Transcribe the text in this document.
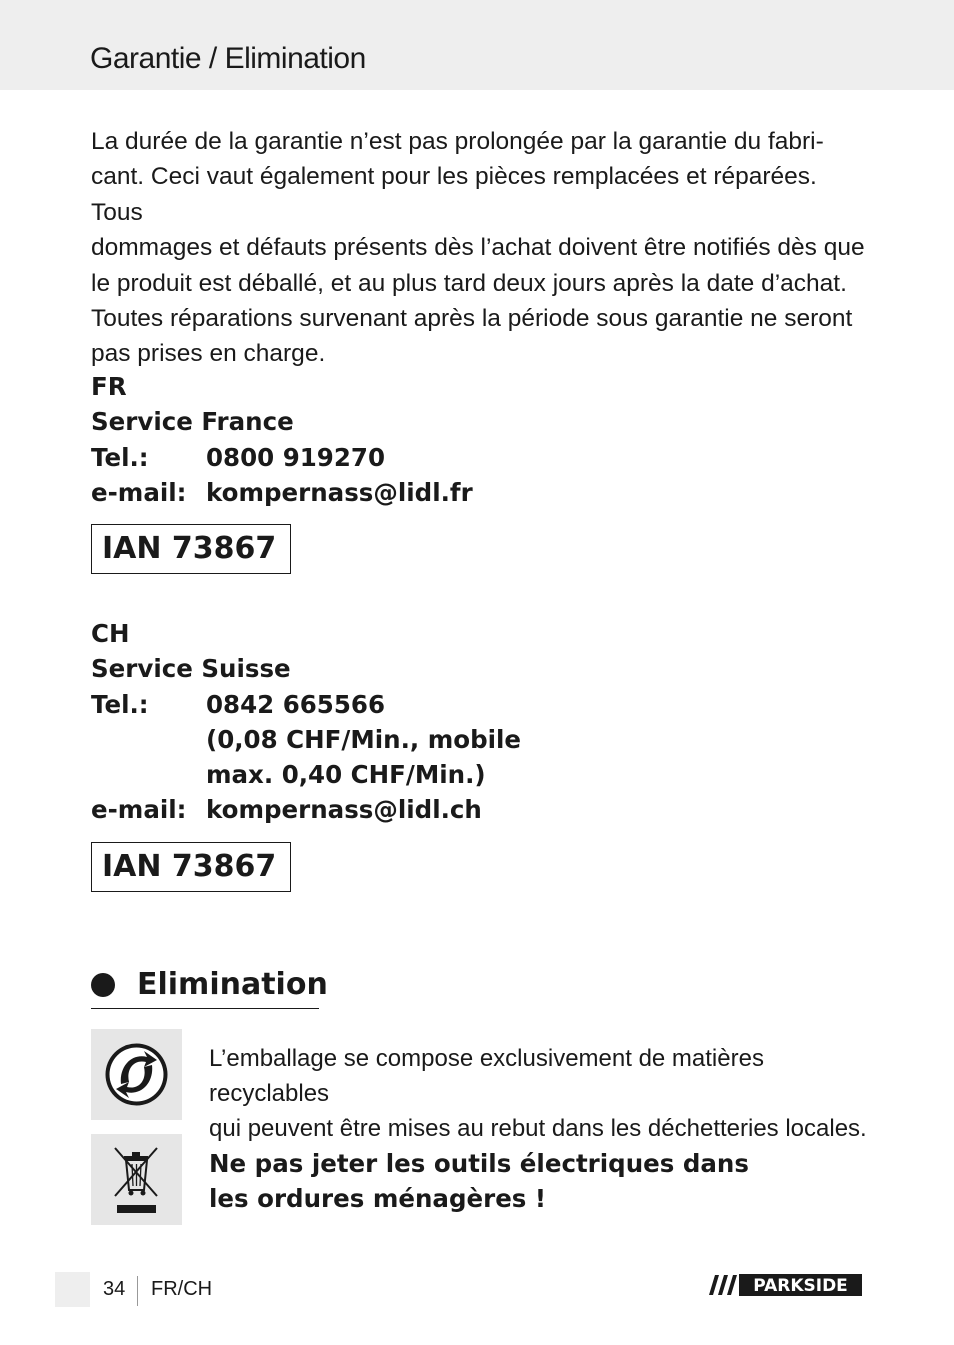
Garantie / Elimination
La durée de la garantie n’est pas prolongée par la garantie du fabri-
cant. Ceci vaut également pour les pièces remplacées et réparées. Tous
dommages et défauts présents dès l’achat doivent être notifiés dès que
le produit est déballé, et au plus tard deux jours après la date d’achat.
Toutes réparations survenant après la période sous garantie ne seront
pas prises en charge.
FR
Service France
Tel.:	0800 919270
e-mail: kompernass@lidl.fr
IAN 73867
CH
Service Suisse
Tel.:	0842 665566
(0,08 CHF/Min., mobile
max. 0,40 CHF/Min.)
e-mail: kompernass@lidl.ch
IAN 73867
Elimination
L’emballage se compose exclusivement de matières recyclables
qui peuvent être mises au rebut dans les déchetteries locales.
Ne pas jeter les outils électriques dans
les ordures ménagères !
34 FR/CH	PARKSIDE
